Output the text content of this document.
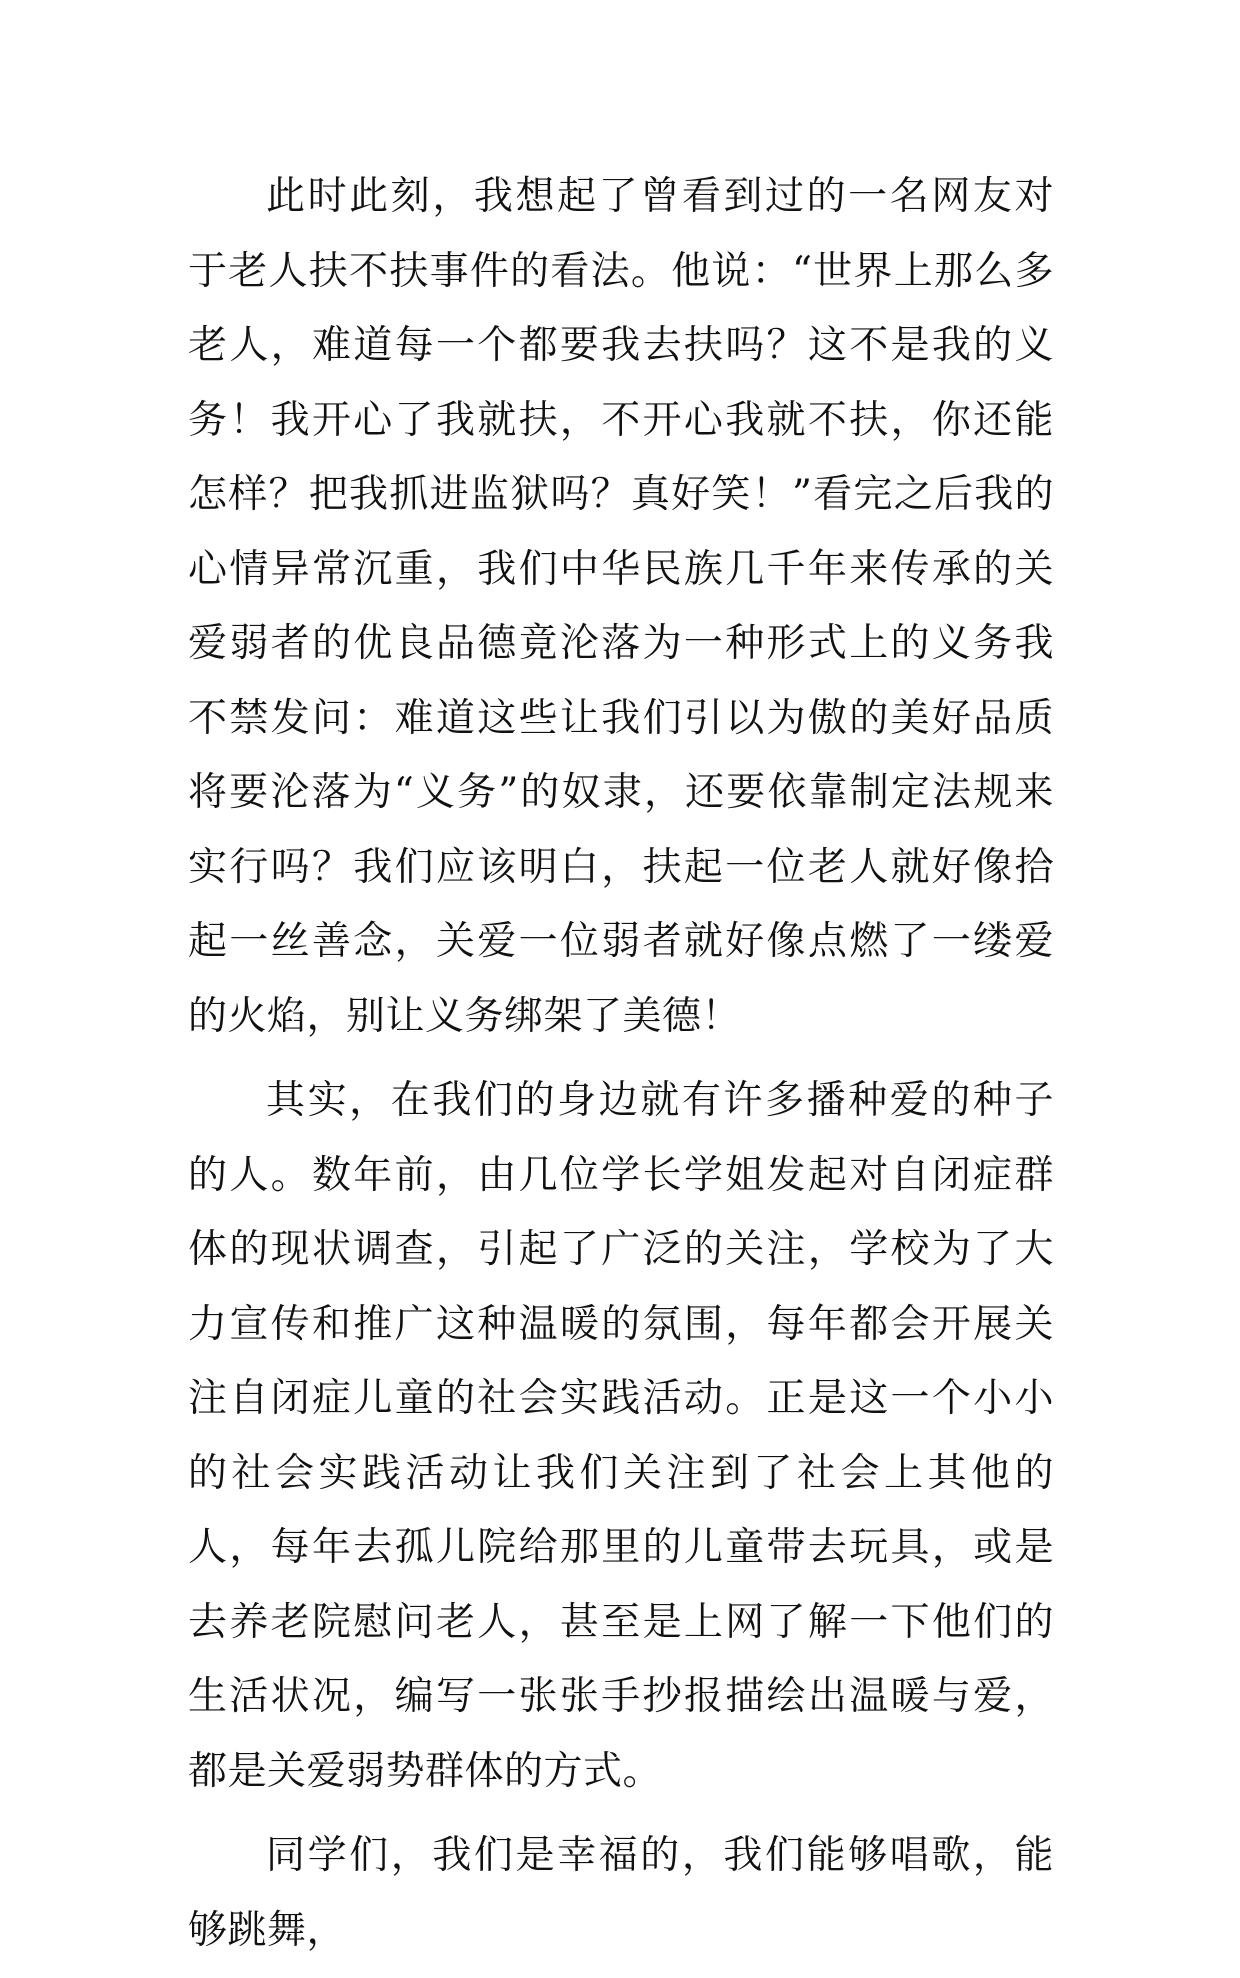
此时此刻，我想起了曾看到过的一名网友对于老人扶不扶事件的看法。他说：“世界上那么多老人，难道每一个都要我去扶吗？这不是我的义务！我开心了我就扶，不开心我就不扶，你还能怎样？把我抓进监狱吗？真好笑！”看完之后我的心情异常沉重，我们中华民族几千年来传承的关爱弱者的优良品德竟沦落为一种形式上的义务我不禁发问：难道这些让我们引以为傲的美好品质将要沦落为“义务”的奴隶，还要依靠制定法规来实行吗？我们应该明白，扶起一位老人就好像拾起一丝善念，关爱一位弱者就好像点燃了一缕爱的火焰，别让义务绑架了美德！

其实，在我们的身边就有许多播种爱的种子的人。数年前，由几位学长学姐发起对自闭症群体的现状调查，引起了广泛的关注，学校为了大力宣传和推广这种温暖的氛围，每年都会开展关注自闭症儿童的社会实践活动。正是这一个小小的社会实践活动让我们关注到了社会上其他的人，每年去孤儿院给那里的儿童带去玩具，或是去养老院慰问老人，甚至是上网了解一下他们的生活状况，编写一张张手抄报描绘出温暖与爱，都是关爱弱势群体的方式。

同学们，我们是幸福的，我们能够唱歌，能够跳舞，
